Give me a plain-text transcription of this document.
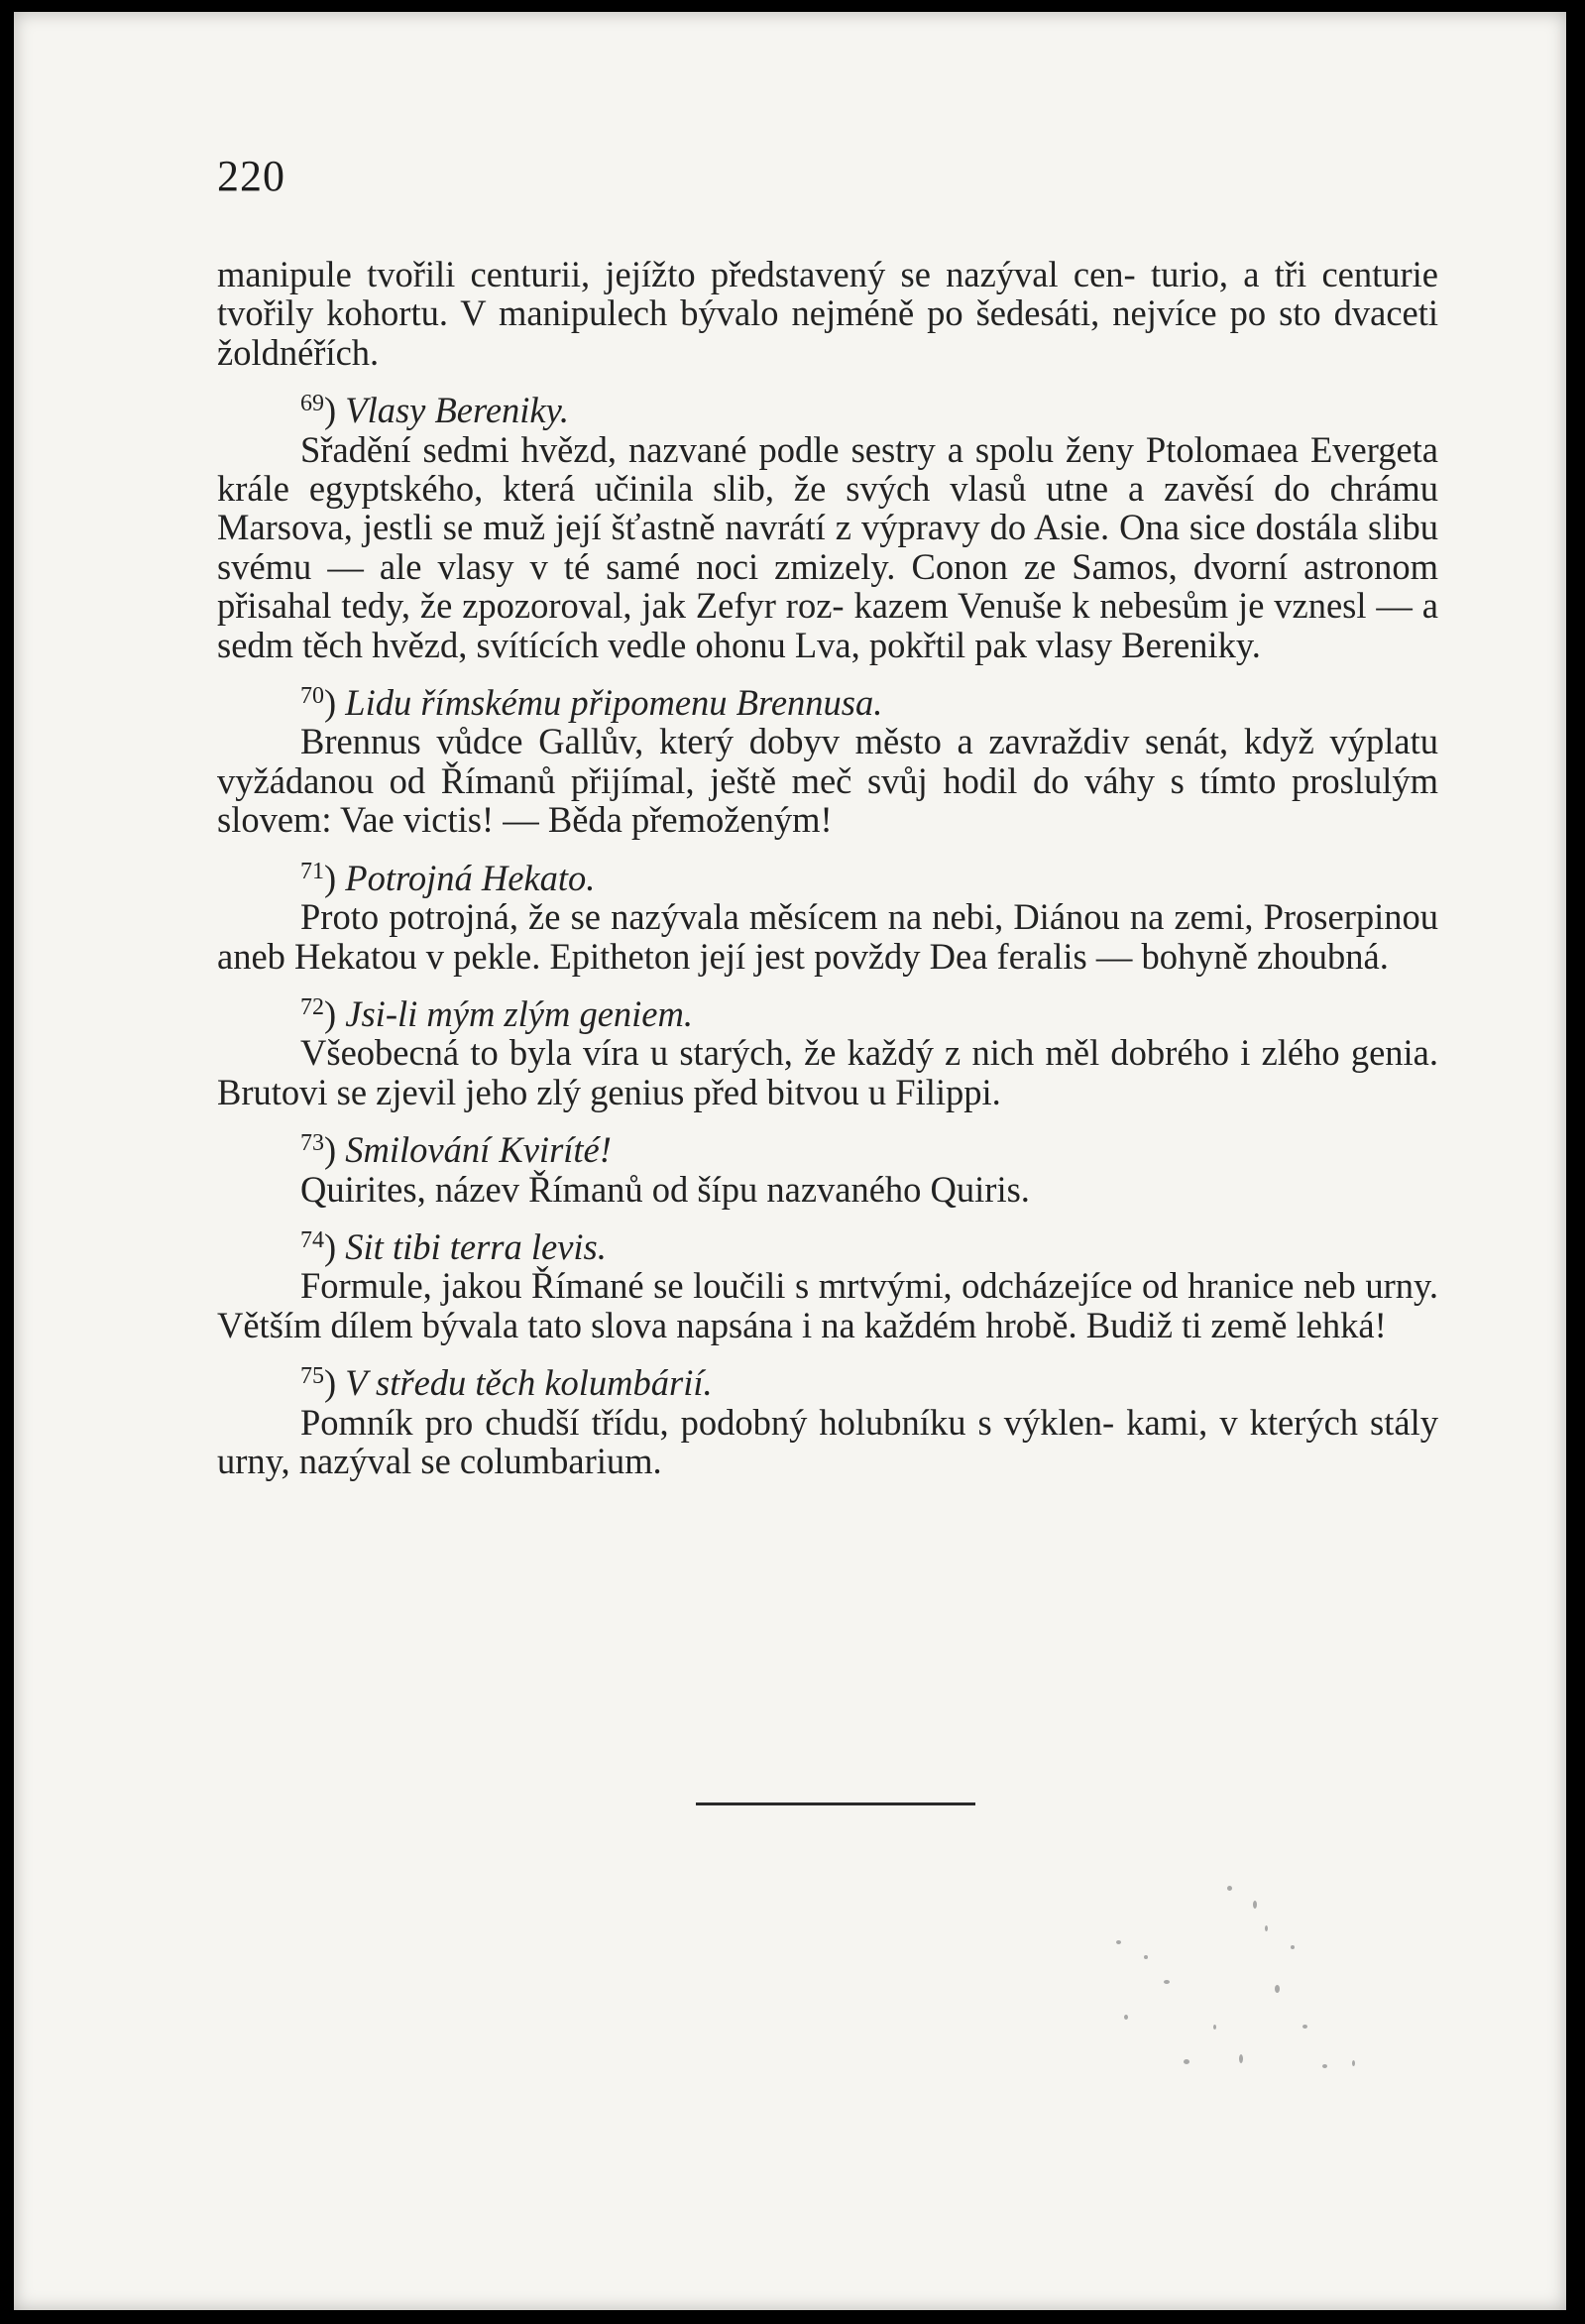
220

manipule tvořili centurii, jejížto představený se nazýval cen- turio, a tři centurie tvořily kohortu. V manipulech bývalo nejméně po šedesáti, nejvíce po sto dvaceti žoldnéřích.

$^{69}$) Vlasy Bereniky.

Sřadění sedmi hvězd, nazvané podle sestry a spolu ženy Ptolomaea Evergeta krále egyptského, která učinila slib, že svých vlasů utne a zavěsí do chrámu Marsova, jestli se muž její šťastně navrátí z výpravy do Asie. Ona sice dostála slibu svému — ale vlasy v té samé noci zmizely. Conon ze Samos, dvorní astronom přisahal tedy, že zpozoroval, jak Zefyr roz- kazem Venuše k nebesům je vznesl — a sedm těch hvězd, svítících vedle ohonu Lva, pokřtil pak vlasy Bereniky.

$^{70}$) Lidu římskému připomenu Brennusa.

Brennus vůdce Gallův, který dobyv město a zavraždiv senát, když výplatu vyžádanou od Římanů přijímal, ještě meč svůj hodil do váhy s tímto proslulým slovem: Vae victis! — Běda přemoženým!

$^{71}$) Potrojná Hekato.

Proto potrojná, že se nazývala měsícem na nebi, Diánou na zemi, Proserpinou aneb Hekatou v pekle. Epitheton její jest povždy Dea feralis — bohyně zhoubná.

$^{72}$) Jsi-li mým zlým geniem.

Všeobecná to byla víra u starých, že každý z nich měl dobrého i zlého genia. Brutovi se zjevil jeho zlý genius před bitvou u Filippi.

$^{73}$) Smilování Kviríté!

Quirites, název Římanů od šípu nazvaného Quiris.

$^{74}$) Sit tibi terra levis.

Formule, jakou Římané se loučili s mrtvými, odcházejíce od hranice neb urny. Větším dílem bývala tato slova napsána i na každém hrobě. Budiž ti země lehká!

$^{75}$) V středu těch kolumbárií.

Pomník pro chudší třídu, podobný holubníku s výklen- kami, v kterých stály urny, nazýval se columbarium.
